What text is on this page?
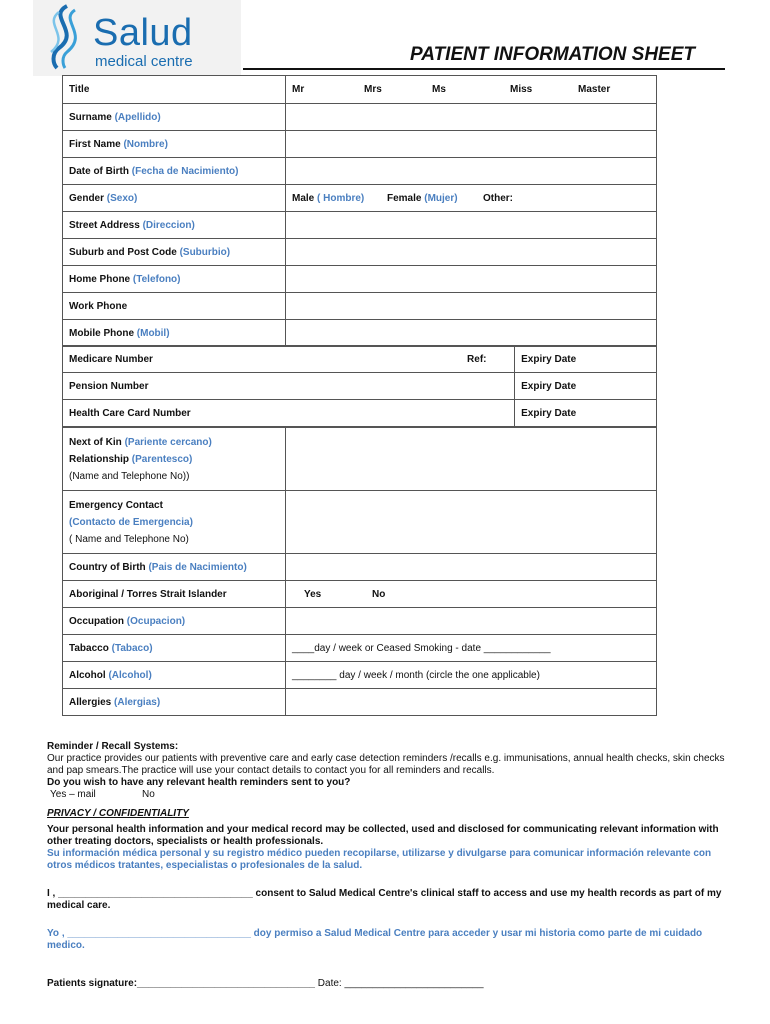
Salud
medical centre	PATIENT INFORMATION SHEET
Title	Mr Mrs Ms Miss Master
Surname (Apellido)	
First Name (Nombre)	
Date of Birth (Fecha de Nacimiento)	
Gender (Sexo)	Male ( Hombre) Female (Mujer) Other:
Street Address (Direccion)	
Suburb and Post Code (Suburbio)	
Home Phone (Telefono)	
Work Phone	
Mobile Phone (Mobil)	
Medicare Number	Ref:	Expiry Date
Pension Number		Expiry Date
Health Care Card Number		Expiry Date
Next of Kin (Pariente cercano)
Relationship (Parentesco)
(Name and Telephone No))	

Emergency Contact
(Contacto de Emergencia)
( Name and Telephone No)	

Country of Birth (Pais de Nacimiento)	
Aboriginal / Torres Strait Islander	Yes No
Occupation (Ocupacion)	
Tabacco (Tabaco)	____day / week or Ceased Smoking - date ____________
Alcohol (Alcohol)	________ day / week / month (circle the one applicable)
Allergies (Alergias)	
Reminder / Recall Systems:
Our practice provides our patients with preventive care and early case detection reminders /recalls e.g. immunisations, annual health checks, skin checks and pap smears.The practice will use your contact details to contact you for all reminders and recalls.
Do you wish to have any relevant health reminders sent to you?
Yes – mail	No
PRIVACY / CONFIDENTIALITY
Your personal health information and your medical record may be collected, used and disclosed for communicating relevant information with other treating doctors, specialists or health professionals.
Su información médica personal y su registro médico pueden recopilarse, utilizarse y divulgarse para comunicar información relevante con otros médicos tratantes, especialistas o profesionales de la salud.
I , ___________________________________ consent to Salud Medical Centre's clinical staff to access and use my health records as part of my medical care.
Yo , _________________________________ doy permiso a Salud Medical Centre para acceder y usar mi historia como parte de mi cuidado medico.
Patients signature:________________________________ Date: _________________________
